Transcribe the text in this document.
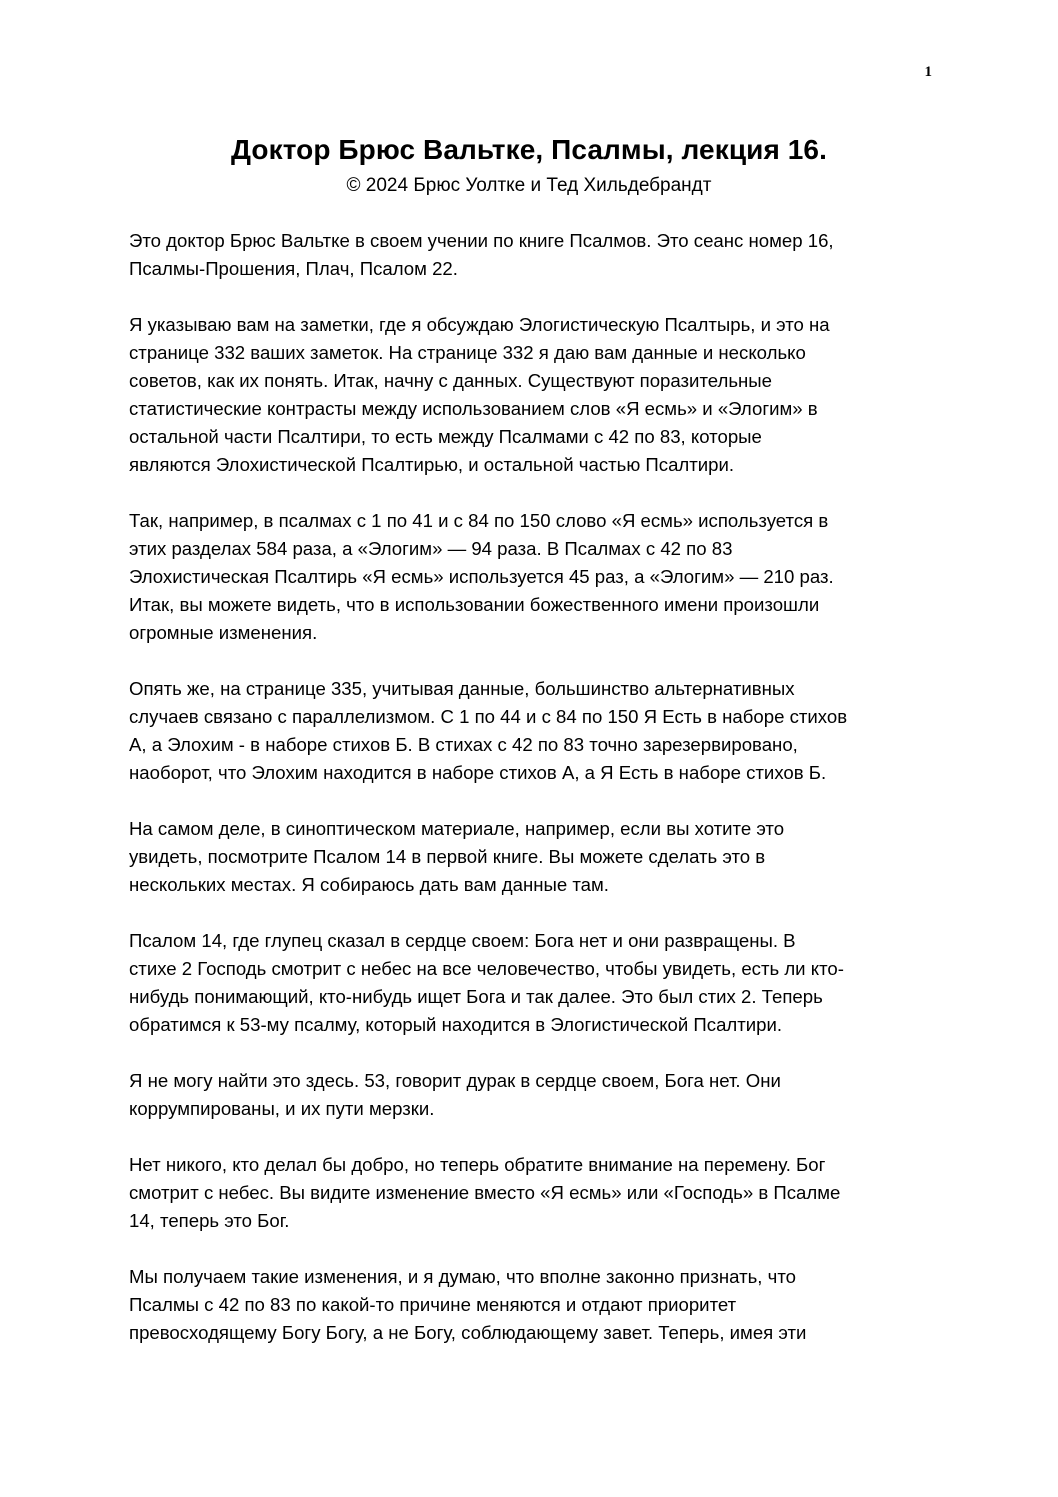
1
Доктор Брюс Вальтке, Псалмы, лекция 16.

© 2024 Брюс Уолтке и Тед Хильдебрандт

Это доктор Брюс Вальтке в своем учении по книге Псалмов. Это сеанс номер 16,
Псалмы-Прошения, Плач, Псалом 22.

Я указываю вам на заметки, где я обсуждаю Элогистическую Псалтырь, и это на
странице 332 ваших заметок. На странице 332 я даю вам данные и несколько
советов, как их понять. Итак, начну с данных. Существуют поразительные
статистические контрасты между использованием слов «Я есмь» и «Элогим» в
остальной части Псалтири, то есть между Псалмами с 42 по 83, которые
являются Элохистической Псалтирью, и остальной частью Псалтири.

Так, например, в псалмах с 1 по 41 и с 84 по 150 слово «Я есмь» используется в
этих разделах 584 раза, а «Элогим» — 94 раза. В Псалмах с 42 по 83
Элохистическая Псалтирь «Я есмь» используется 45 раз, а «Элогим» — 210 раз.
Итак, вы можете видеть, что в использовании божественного имени произошли
огромные изменения.

Опять же, на странице 335, учитывая данные, большинство альтернативных
случаев связано с параллелизмом. С 1 по 44 и с 84 по 150 Я Есть в наборе стихов
А, а Элохим - в наборе стихов Б. В стихах с 42 по 83 точно зарезервировано,
наоборот, что Элохим находится в наборе стихов А, а Я Есть в наборе стихов Б.

На самом деле, в синоптическом материале, например, если вы хотите это
увидеть, посмотрите Псалом 14 в первой книге. Вы можете сделать это в
нескольких местах. Я собираюсь дать вам данные там.

Псалом 14, где глупец сказал в сердце своем: Бога нет и они развращены. В
стихе 2 Господь смотрит с небес на все человечество, чтобы увидеть, есть ли кто-
нибудь понимающий, кто-нибудь ищет Бога и так далее. Это был стих 2. Теперь
обратимся к 53-му псалму, который находится в Элогистической Псалтири.

Я не могу найти это здесь. 53, говорит дурак в сердце своем, Бога нет. Они
коррумпированы, и их пути мерзки.

Нет никого, кто делал бы добро, но теперь обратите внимание на перемену. Бог
смотрит с небес. Вы видите изменение вместо «Я есмь» или «Господь» в Псалме
14, теперь это Бог.

Мы получаем такие изменения, и я думаю, что вполне законно признать, что
Псалмы с 42 по 83 по какой-то причине меняются и отдают приоритет
превосходящему Богу Богу, а не Богу, соблюдающему завет. Теперь, имея эти
